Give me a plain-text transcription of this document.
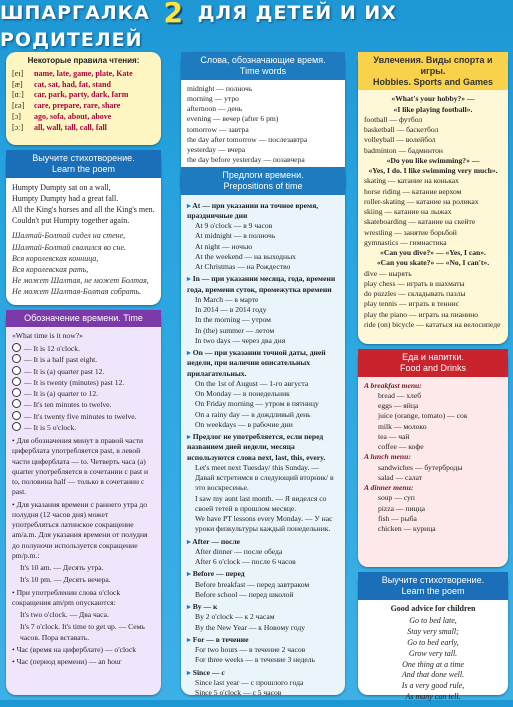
ШПАРГАЛКА 2 ДЛЯ ДЕТЕЙ И ИХ РОДИТЕЛЕЙ
Некоторые правила чтения:
[eɪ] name, late, game, plate, Kate
[æ] cat, sat, had, fat, stand
[ɑː] car, park, party, dark, farm
[ɛə] care, prepare, rare, share
[ɔ] ago, sofa, about, above
[ɔː] all, wall, tall, call, fall
Выучите стихотворение.
Learn the poem
Humpty Dumpty sat on a wall,
Humpty Dumpty had a great fall.
All the King's horses and all the King's men.
Couldn't put Humpty together again.
Шалтай-Болтай сидел на стене,
Шалтай-Болтай свалился во сне.
Вся королевская конница,
Вся королевская рать,
Не может Шалтая, не может Болтая,
Не может Шалтая-Болтая собрать.
Обозначение времени. Time
«What time is it now?»
— It is 12 o'clock.
— It is a half past eight.
— It is (a) quarter past 12.
— It is twenty (minutes) past 12.
— It is (a) quarter to 12.
— It's ten minutes to twelve.
— It's twenty five minutes to twelve.
— It is 5 o'clock.
• Для обозначения минут в правой части циферблата употребляется past, в левой части циферблата — to. Четверть часа (a) quarter употребляется в сочетании с past и to, половина half — только в сочетании с past.
• Для указания времени с раннего утра до полудня (12 часов дня) может употребляться латинское сокращение am/a.m. Для указания времени от полудня до полуночи используется сокращение pm/p.m.:
It's 10 am. — Десять утра.
It's 10 pm. — Десять вечера.
• При употреблении слова o'clock сокращения am/pm опускаются:
It's two o'clock. — Два часа.
It's 7 o'clock. It's time to get up. — Семь часов. Пора вставать.
• Час (время на циферблате) — o'clock
• Час (период времени) — an hour
Слова, обозначающие время.
Time words
midnight — полночь
morning — утро
afternoon — день
evening — вечер (after 6 pm)
tomorrow — завтра
the day after tomorrow — послезавтра
yesterday — вчера
the day before yesterday — позавчера
Предлоги времени.
Prepositions of time
▸ At — при указании на точное время, праздничные дни
At 9 o'clock — в 9 часов
At midnight — в полночь
At night — ночью
At the weekend — на выходных
At Christmas — на Рождество
▸ In — при указании месяца, года, времени года, времени суток, промежутка времени
In March — в марте
In 2014 — в 2014 году
In the morning — утром
In (the) summer — летом
In two days — через два дня
▸ On — при указании точной даты, дней недели, при наличии описательных прилагательных.
On the 1st of August — 1-го августа
On Monday — в понедельник
On Friday morning — утром в пятницу
On a rainy day — в дождливый день
On weekdays — в рабочие дни
▸ Предлог не употребляется, если перед названием дней недели, месяца используются слова next, last, this, every.
Let's meet next Tuesday/ this Sunday. — Давай встретимся в следующий вторник/ в это воскресенье.
I saw my aunt last month. — Я виделся со своей тетей в прошлом месяце.
We have PT lessons every Monday. — У нас уроки физкультуры каждый понедельник.
▸ After — после
After dinner — после обеда
After 6 o'clock — после 6 часов
▸ Before — перед
Before breakfast — перед завтраком
Before school — перед школой
▸ By — к
By 2 o'clock — к 2 часам
By the New Year — к Новому году
▸ For — в течение
For two hours — в течение 2 часов
For three weeks — в течение 3 недель
▸ Since — с
Since last year — с прошлого года
Since 5 o'clock — с 5 часов
Увлечения. Виды спорта и игры.
Hobbies. Sports and Games
«What's your hobby?» —
«I like playing football».
football — футбол
basketball — баскетбол
volleyball — волейбол
badminton — бадминтон
«Do you like swimming?» —
«Yes, I do. I like swimming very much».
skating — катание на коньках
horse riding — катание верхом
roller-skating — катание на роликах
skiing — катание на лыжах
skateboarding — катание на скейте
wrestling — занятие борьбой
gymnastics — гимнастика
«Can you dive?» — «Yes, I can».
«Can you skate?» — «No, I can't».
dive — нырять
play chess — играть в шахматы
do puzzles — складывать пазлы
play tennis — играть в теннис
play the piano — играть на пианино
ride (on) bicycle — кататься на велосипеде
Еда и напитки.
Food and Drinks
A breakfast menu:
bread — хлеб
eggs — яйца
juice (orange, tomato) — сок
milk — молоко
tea — чай
coffee — кофе
A lunch menu:
sandwiches — бутерброды
salad — салат
A dinner menu:
soup — суп
pizza — пицца
fish — рыба
chicken — курица
Выучите стихотворение.
Learn the poem
Good advice for children
Go to bed late,
Stay very small;
Go to bed early,
Grow very tall.
One thing at a time
And that done well.
Is a very good rule,
As many can tell.
